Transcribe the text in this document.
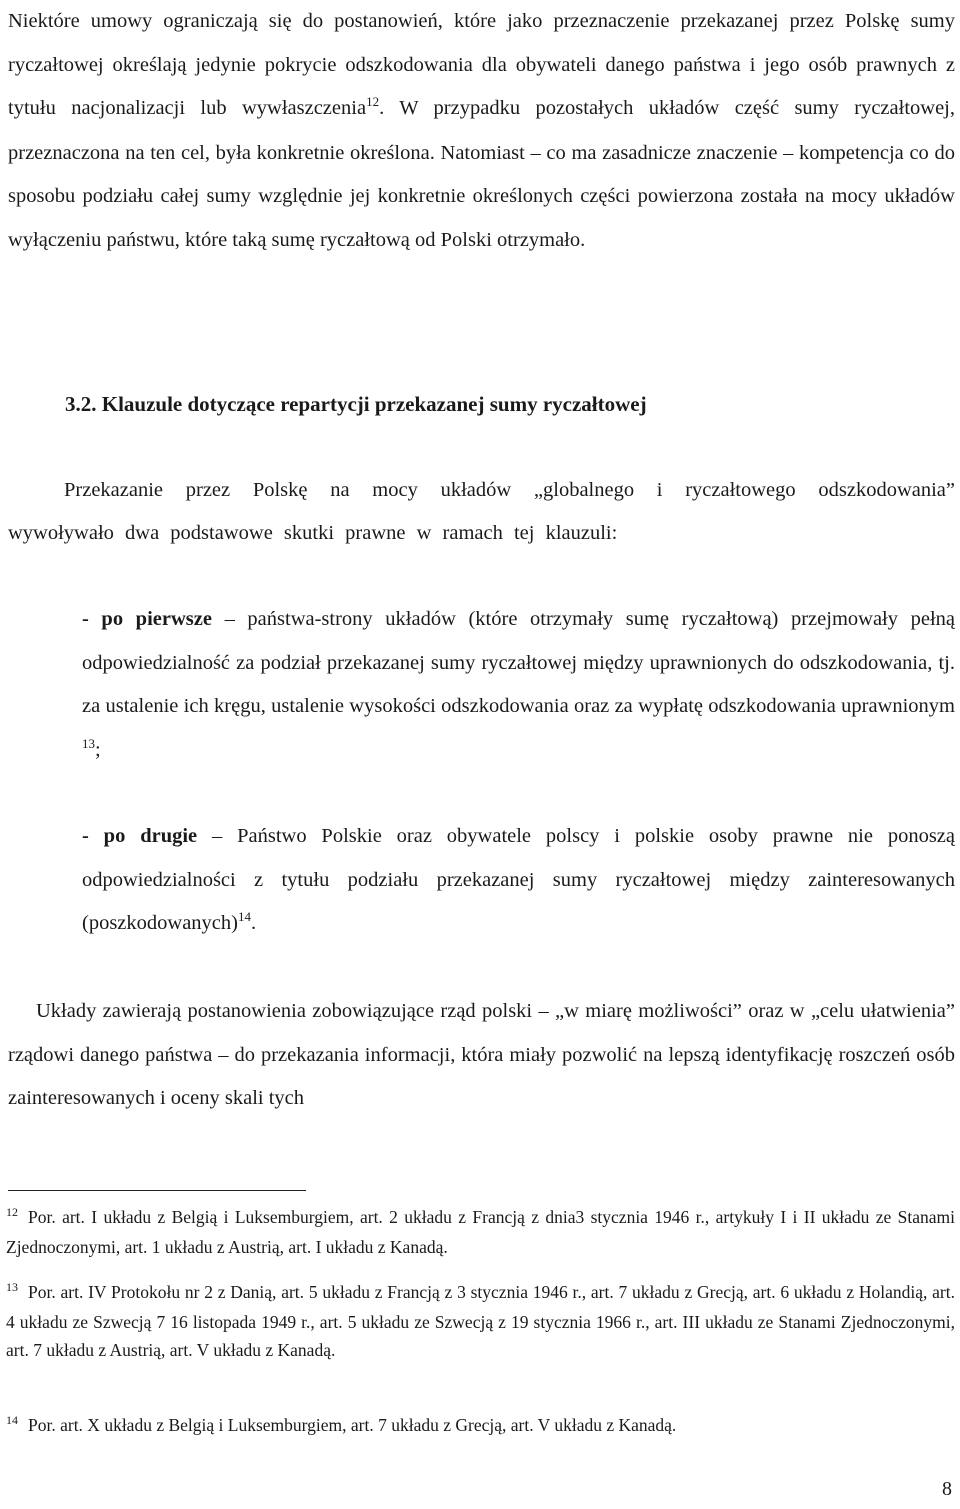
Niektóre umowy ograniczają się do postanowień, które jako przeznaczenie przekazanej przez Polskę sumy ryczałtowej określają jedynie pokrycie odszkodowania dla obywateli danego państwa i jego osób prawnych z tytułu nacjonalizacji lub wywłaszczenia$^{12}$. W przypadku pozostałych układów część sumy ryczałtowej, przeznaczona na ten cel, była konkretnie określona. Natomiast – co ma zasadnicze znaczenie – kompetencja co do sposobu podziału całej sumy względnie jej konkretnie określonych części powierzona została na mocy układów wyłączeniu państwu, które taką sumę ryczałtową od Polski otrzymało.

3.2. Klauzule dotyczące repartycji przekazanej sumy ryczałtowej

Przekazanie przez Polskę na mocy układów „globalnego i ryczałtowego odszkodowania” wywoływało dwa podstawowe skutki prawne w ramach tej klauzuli:

- po pierwsze – państwa-strony układów (które otrzymały sumę ryczałtową) przejmowały pełną odpowiedzialność za podział przekazanej sumy ryczałtowej między uprawnionych do odszkodowania, tj. za ustalenie ich kręgu, ustalenie wysokości odszkodowania oraz za wypłatę odszkodowania uprawnionym $^{13}$;

- po drugie – Państwo Polskie oraz obywatele polscy i polskie osoby prawne nie ponoszą odpowiedzialności z tytułu podziału przekazanej sumy ryczałtowej między zainteresowanych (poszkodowanych)$^{14}$.

Układy zawierają postanowienia zobowiązujące rząd polski – „w miarę możliwości” oraz w „celu ułatwienia” rządowi danego państwa – do przekazania informacji, która miały pozwolić na lepszą identyfikację roszczeń osób zainteresowanych i oceny skali tych

$^{12}$ Por. art. I układu z Belgią i Luksemburgiem, art. 2 układu z Francją z dnia3 stycznia 1946 r., artykuły I i II układu ze Stanami Zjednoczonymi, art. 1 układu z Austrią, art. I układu z Kanadą.

$^{13}$ Por. art. IV Protokołu nr 2 z Danią, art. 5 układu z Francją z 3 stycznia 1946 r., art. 7 układu z Grecją, art. 6 układu z Holandią, art. 4 układu ze Szwecją 7 16 listopada 1949 r., art. 5 układu ze Szwecją z 19 stycznia 1966 r., art. III układu ze Stanami Zjednoczonymi, art. 7 układu z Austrią, art. V układu z Kanadą.

$^{14}$ Por. art. X układu z Belgią i Luksemburgiem, art. 7 układu z Grecją, art. V układu z Kanadą.

8
